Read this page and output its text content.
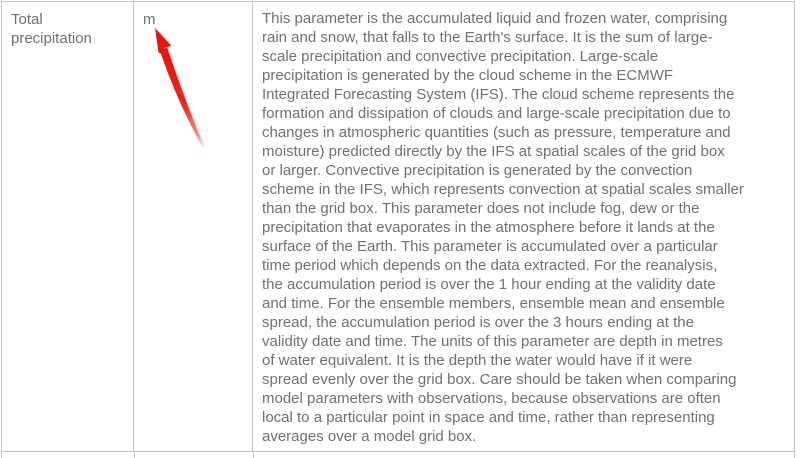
Total precipitation
m	This parameter is the accumulated liquid and frozen water, comprising
rain and snow, that falls to the Earth's surface. It is the sum of large-
scale precipitation and convective precipitation. Large-scale
precipitation is generated by the cloud scheme in the ECMWF
Integrated Forecasting System (IFS). The cloud scheme represents the
formation and dissipation of clouds and large-scale precipitation due to
changes in atmospheric quantities (such as pressure, temperature and
moisture) predicted directly by the IFS at spatial scales of the grid box
or larger. Convective precipitation is generated by the convection
scheme in the IFS, which represents convection at spatial scales smaller
than the grid box. This parameter does not include fog, dew or the
precipitation that evaporates in the atmosphere before it lands at the
surface of the Earth. This parameter is accumulated over a particular
time period which depends on the data extracted. For the reanalysis,
the accumulation period is over the 1 hour ending at the validity date
and time. For the ensemble members, ensemble mean and ensemble
spread, the accumulation period is over the 3 hours ending at the
validity date and time. The units of this parameter are depth in metres
of water equivalent. It is the depth the water would have if it were
spread evenly over the grid box. Care should be taken when comparing
model parameters with observations, because observations are often
local to a particular point in space and time, rather than representing
averages over a model grid box.
